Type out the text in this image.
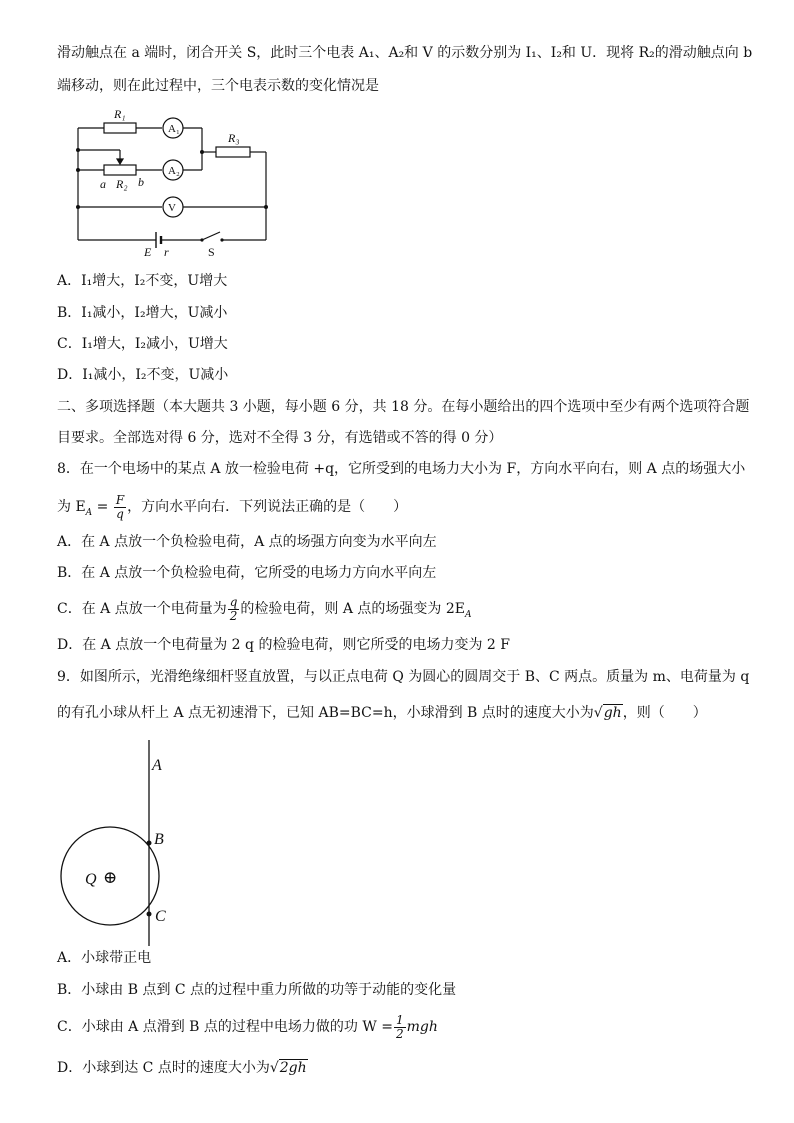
滑动触点在 a 端时，闭合开关 S，此时三个电表 A₁、A₂和 V 的示数分别为 I₁、I₂和 U．现将 R₂的滑动触点向 b
端移动，则在此过程中，三个电表示数的变化情况是
R₁
A₁
A₂
V
R₃
a R₂ b
E r	S
A．I₁增大，I₂不变，U增大
B．I₁减小，I₂增大，U减小
C．I₁增大，I₂减小，U增大
D．I₁减小，I₂不变，U减小
二、多项选择题（本大题共 3 小题，每小题 6 分，共 18 分。在每小题给出的四个选项中至少有两个选项符合题
目要求。全部选对得 6 分，选对不全得 3 分，有选错或不答的得 0 分）
8．在一个电场中的某点 A 放一检验电荷 +q，它所受到的电场力大小为 F，方向水平向右，则 A 点的场强大小
为 $E_A = \frac{F}{q}$ ，方向水平向右．下列说法正确的是（　　）
A．在 A 点放一个负检验电荷，A 点的场强方向变为水平向左
B．在 A 点放一个负检验电荷，它所受的电场力方向水平向左
C．在 A 点放一个电荷量为 $\frac{q}{2}$ 的检验电荷，则 A 点的场强变为 $2E_A$
D．在 A 点放一个电荷量为 2 q 的检验电荷，则它所受的电场力变为 2 F
9．如图所示，光滑绝缘细杆竖直放置，与以正点电荷 Q 为圆心的圆周交于 B、C 两点。质量为 m、电荷量为 q
的有孔小球从杆上 A 点无初速滑下，已知 AB=BC=h，小球滑到 B 点时的速度大小为√gh，则（　　）
A
B
C
Q ⊕
A．小球带正电
B．小球由 B 点到 C 点的过程中重力所做的功等于动能的变化量
C．小球由 A 点滑到 B 点的过程中电场力做的功 $W = \frac{1}{2}$ mgh
D．小球到达 C 点时的速度大小为√2gh
